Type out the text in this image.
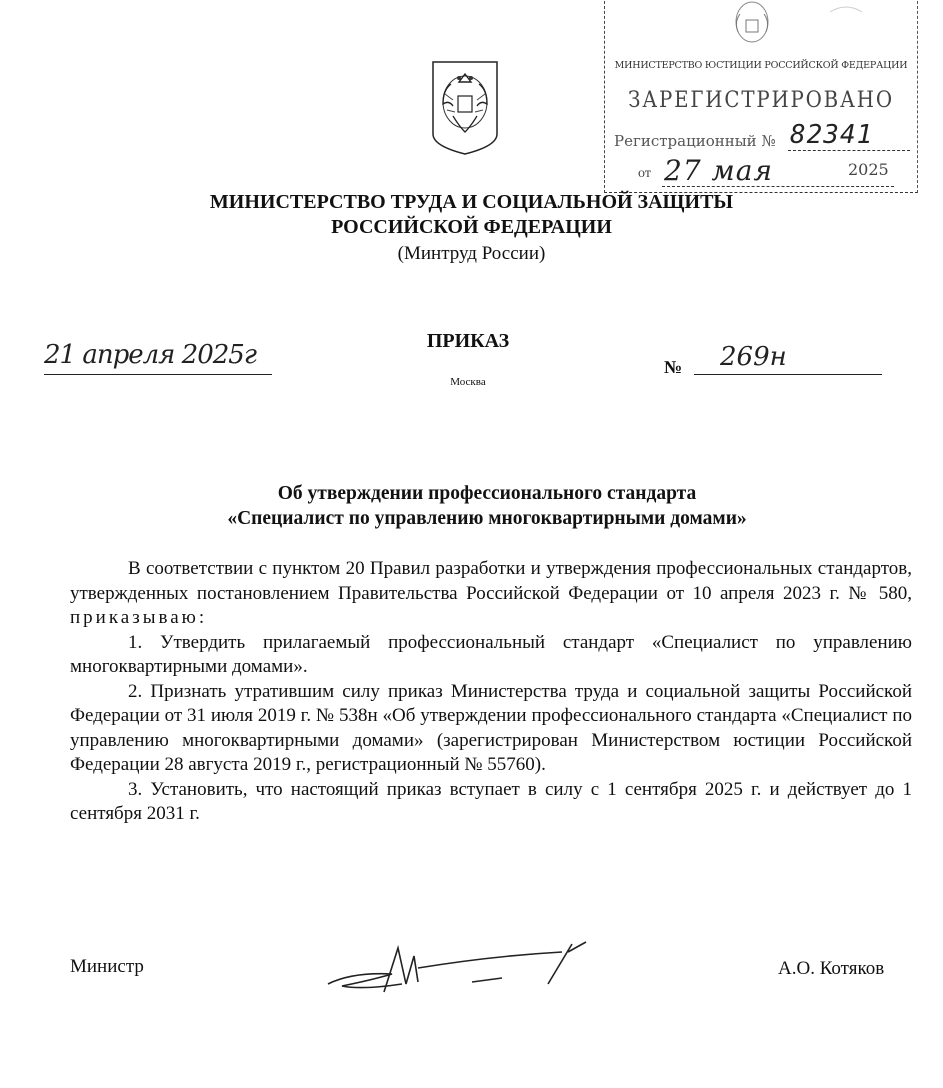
МИНИСТЕРСТВО ЮСТИЦИИ РОССИЙСКОЙ ФЕДЕРАЦИИ
ЗАРЕГИСТРИРОВАНО
Регистрационный № 82341
от 27 мая	2025
МИНИСТЕРСТВО ТРУДА И СОЦИАЛЬНОЙ ЗАЩИТЫ
РОССИЙСКОЙ ФЕДЕРАЦИИ
(Минтруд России)
ПРИКАЗ
Москва
21 апреля 2025г	№ 269н
Об утверждении профессионального стандарта
«Специалист по управлению многоквартирными домами»

В соответствии с пунктом 20 Правил разработки и утверждения профессиональных стандартов, утвержденных постановлением Правительства Российской Федерации от 10 апреля 2023 г. № 580, приказываю:

1. Утвердить прилагаемый профессиональный стандарт «Специалист по управлению многоквартирными домами».

2. Признать утратившим силу приказ Министерства труда и социальной защиты Российской Федерации от 31 июля 2019 г. № 538н «Об утверждении профессионального стандарта «Специалист по управлению многоквартирными домами» (зарегистрирован Министерством юстиции Российской Федерации 28 августа 2019 г., регистрационный № 55760).

3. Установить, что настоящий приказ вступает в силу с 1 сентября 2025 г. и действует до 1 сентября 2031 г.

Министр	А.О. Котяков
